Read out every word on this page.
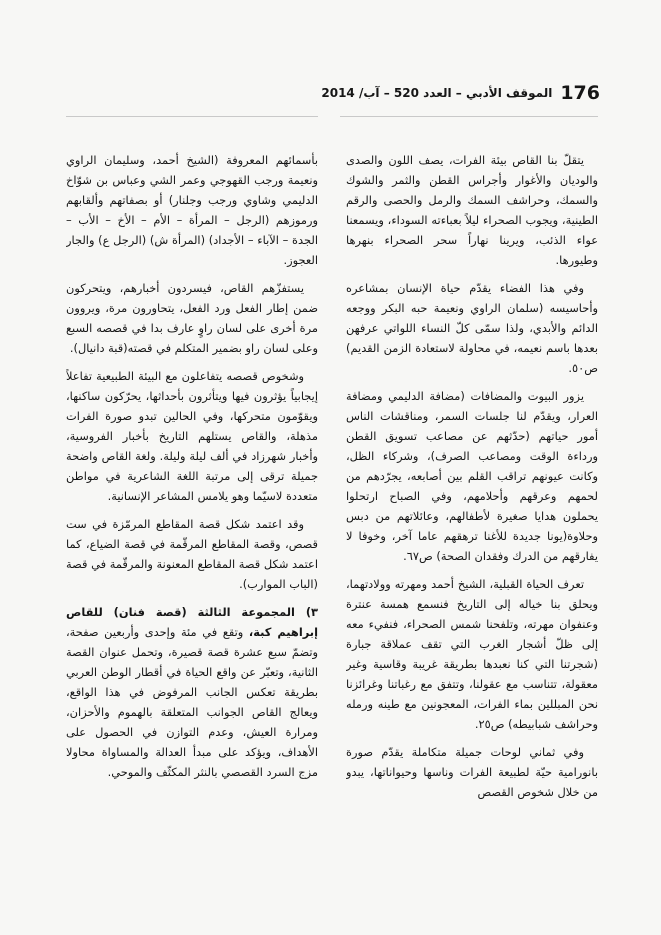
176
الموقف الأدبي – العدد 520 – آب/ 2014

يتقلّ بنا القاص بيئة الفرات، يصف اللون والصدى والوديان والأغوار وأجراس القطن والثمر والشوك والسمك، وحراشف السمك والرمل والحصى والرقم الطينية، ويجوب الصحراء ليلاً بعباءته السوداء، ويسمعنا عواء الذئب، ويرينا نهاراً سحر الصحراء بنهرها وطيورها.

وفي هذا الفضاء يقدّم حياة الإنسان بمشاعره وأحاسيسه (سلمان الراوي ونعيمة حبه البكر ووجعه الدائم والأبدي، ولذا سمّى كلّ النساء اللواتي عرفهن بعدها باسم نعيمه، في محاولة لاستعادة الزمن القديم) ص٥٠.

يزور البيوت والمضافات (مضافة الدليمي ومضافة العرار، ويقدّم لنا جلسات السمر، ومناقشات الناس أمور حياتهم (حدّثهم عن مصاعب تسويق القطن ورداءة الوقت ومصاعب الصرف)، وشركاء الظل، وكانت عيونهم تراقب القلم بين أصابعه، يجرّدهم من لحمهم وعرقهم وأحلامهم، وفي الصباح ارتحلوا يحملون هدايا صغيرة لأطفالهم، وعائلاتهم من دبس وحلاوة(يونا جديدة للأغنا ترهقهم عاما آخر، وخوفا لا يفارقهم من الدرك وفقدان الصحة) ص٦٧.

تعرف الحياة القبلية، الشيخ أحمد ومهرته وولادتهما، ويحلق بنا خياله إلى التاريخ فنسمع همسة عنترة وعنفوان مهرته، وتلفحنا شمس الصحراء، فنفيء معه إلى ظلّ أشجار الغرب التي تقف عملاقة جبارة (شجرتنا التي كنا نعبدها بطريقة غريبة وقاسية وغير معقولة، تتناسب مع عقولنا، وتتفق مع رغباتنا وغرائزنا نحن المبللين بماء الفرات، المعجونين مع طينه ورمله وحراشف شبابيطه) ص٢٥.

وفي ثماني لوحات جميلة متكاملة يقدّم صورة بانورامية حيّة لطبيعة الفرات وناسها وحيواناتها، يبدو من خلال شخوص القصص

بأسمائهم المعروفة (الشيخ أحمد، وسليمان الراوي ونعيمة ورجب القهوجي وعمر الشي وعباس بن شوّاخ الدليمي وشاوي ورجب وجلنار) أو بصفاتهم وألقابهم ورموزهم (الرجل – المرأة – الأم – الأخ – الأب – الجدة – الآباء – الأجداد) (المرأة ش) (الرجل ع) والجار العجوز.

يستفزّهم القاص، فيسردون أخبارهم، ويتحركون ضمن إطار الفعل ورد الفعل، يتحاورون مرة، ويروون مرة أخرى على لسان راوٍ عارف بدا في قصصه السبع وعلى لسان راو بضمير المتكلم في قصته(قبة دانيال).

وشخوص قصصه يتفاعلون مع البيئة الطبيعية تفاعلاً إيجابياً يؤثرون فيها ويتأثرون بأحداثها، يحرّكون ساكنها، ويقوّمون متحركها، وفي الحالين تبدو صورة الفرات مذهلة، والقاص يستلهم التاريخ بأخبار الفروسية، وأخبار شهرزاد في ألف ليلة وليلة. ولغة القاص واضحة جميلة ترقى إلى مرتبة اللغة الشاعرية في مواطن متعددة لاسيّما وهو يلامس المشاعر الإنسانية.

وقد اعتمد شكل قصة المقاطع المرمّزة في ست قصص، وقصة المقاطع المرقّمة في قصة الضياع، كما اعتمد شكل قصة المقاطع المعنونة والمرقّمة في قصة (الباب الموارب).

٣) المجموعة الثالثة (قصة فنان) للقاص إبراهيم كبة، وتقع في مئة وإحدى وأربعين صفحة، وتضمّ سبع عشرة قصة قصيرة، وتحمل عنوان القصة الثانية، وتعبّر عن واقع الحياة في أقطار الوطن العربي بطريقة تعكس الجانب المرفوض في هذا الواقع، ويعالج القاص الجوانب المتعلقة بالهموم والأحزان، ومرارة العيش، وعدم التوازن في الحصول على الأهداف، ويؤكد على مبدأ العدالة والمساواة محاولا مزج السرد القصصي بالنثر المكثّف والموحي.
